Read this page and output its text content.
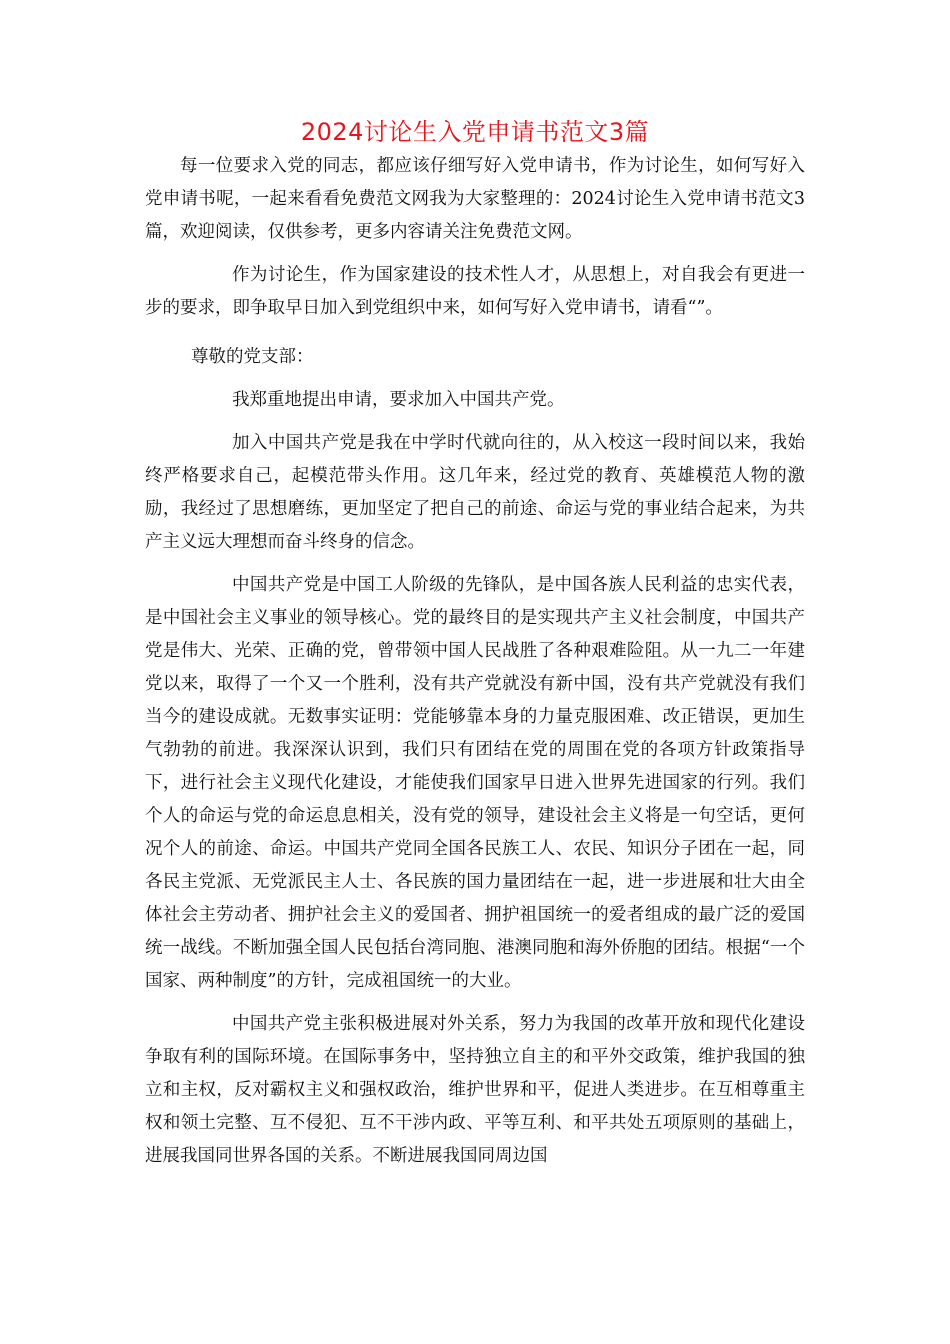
2024讨论生入党申请书范文3篇

每一位要求入党的同志，都应该仔细写好入党申请书，作为讨论生，如何写好入党申请书呢，一起来看看免费范文网我为大家整理的：2024讨论生入党申请书范文3篇，欢迎阅读，仅供参考，更多内容请关注免费范文网。

作为讨论生，作为国家建设的技术性人才，从思想上，对自我会有更进一步的要求，即争取早日加入到党组织中来，如何写好入党申请书，请看“”。

尊敬的党支部：

我郑重地提出申请，要求加入中国共产党。

加入中国共产党是我在中学时代就向往的，从入校这一段时间以来，我始终严格要求自己，起模范带头作用。这几年来，经过党的教育、英雄模范人物的激励，我经过了思想磨练，更加坚定了把自己的前途、命运与党的事业结合起来，为共产主义远大理想而奋斗终身的信念。

中国共产党是中国工人阶级的先锋队，是中国各族人民利益的忠实代表，是中国社会主义事业的领导核心。党的最终目的是实现共产主义社会制度，中国共产党是伟大、光荣、正确的党，曾带领中国人民战胜了各种艰难险阻。从一九二一年建党以来，取得了一个又一个胜利，没有共产党就没有新中国，没有共产党就没有我们当今的建设成就。无数事实证明：党能够靠本身的力量克服困难、改正错误，更加生气勃勃的前进。我深深认识到，我们只有团结在党的周围在党的各项方针政策指导下，进行社会主义现代化建设，才能使我们国家早日进入世界先进国家的行列。我们个人的命运与党的命运息息相关，没有党的领导，建设社会主义将是一句空话，更何况个人的前途、命运。中国共产党同全国各民族工人、农民、知识分子团在一起，同各民主党派、无党派民主人士、各民族的国力量团结在一起，进一步进展和壮大由全体社会主劳动者、拥护社会主义的爱国者、拥护祖国统一的爱者组成的最广泛的爱国统一战线。不断加强全国人民包括台湾同胞、港澳同胞和海外侨胞的团结。根据“一个国家、两种制度”的方针，完成祖国统一的大业。

中国共产党主张积极进展对外关系，努力为我国的改革开放和现代化建设争取有利的国际环境。在国际事务中，坚持独立自主的和平外交政策，维护我国的独立和主权，反对霸权主义和强权政治，维护世界和平，促进人类进步。在互相尊重主权和领土完整、互不侵犯、互不干涉内政、平等互利、和平共处五项原则的基础上，进展我国同世界各国的关系。不断进展我国同周边国
